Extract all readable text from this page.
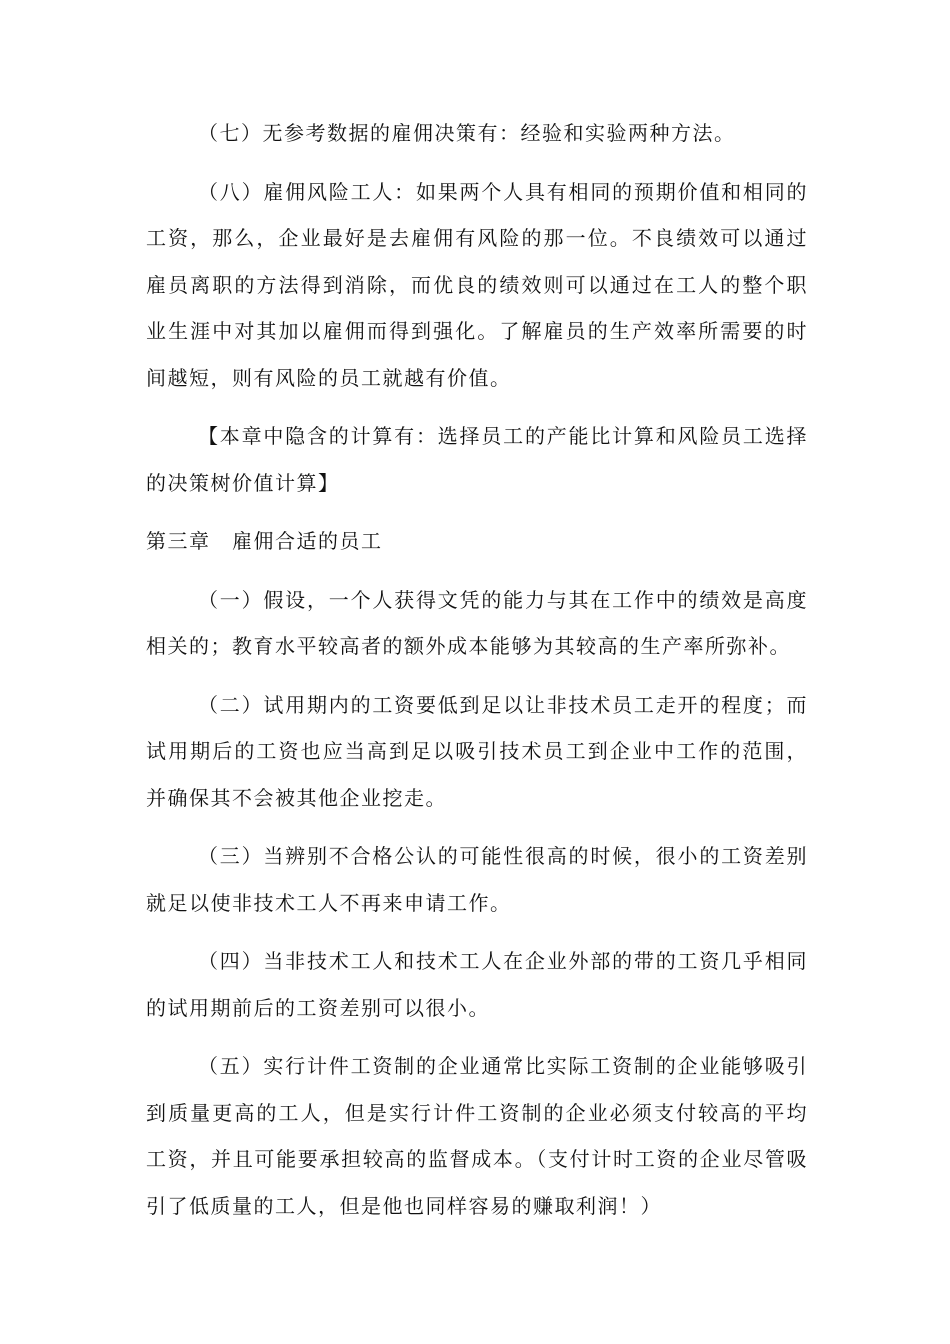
（七）无参考数据的雇佣决策有：经验和实验两种方法。

（八）雇佣风险工人：如果两个人具有相同的预期价值和相同的工资，那么，企业最好是去雇佣有风险的那一位。不良绩效可以通过雇员离职的方法得到消除，而优良的绩效则可以通过在工人的整个职业生涯中对其加以雇佣而得到强化。了解雇员的生产效率所需要的时间越短，则有风险的员工就越有价值。

【本章中隐含的计算有：选择员工的产能比计算和风险员工选择的决策树价值计算】

第三章　雇佣合适的员工

（一）假设，一个人获得文凭的能力与其在工作中的绩效是高度相关的；教育水平较高者的额外成本能够为其较高的生产率所弥补。

（二）试用期内的工资要低到足以让非技术员工走开的程度；而试用期后的工资也应当高到足以吸引技术员工到企业中工作的范围，并确保其不会被其他企业挖走。

（三）当辨别不合格公认的可能性很高的时候，很小的工资差别就足以使非技术工人不再来申请工作。

（四）当非技术工人和技术工人在企业外部的带的工资几乎相同的试用期前后的工资差别可以很小。

（五）实行计件工资制的企业通常比实际工资制的企业能够吸引到质量更高的工人，但是实行计件工资制的企业必须支付较高的平均工资，并且可能要承担较高的监督成本。（支付计时工资的企业尽管吸引了低质量的工人，但是他也同样容易的赚取利润！）
